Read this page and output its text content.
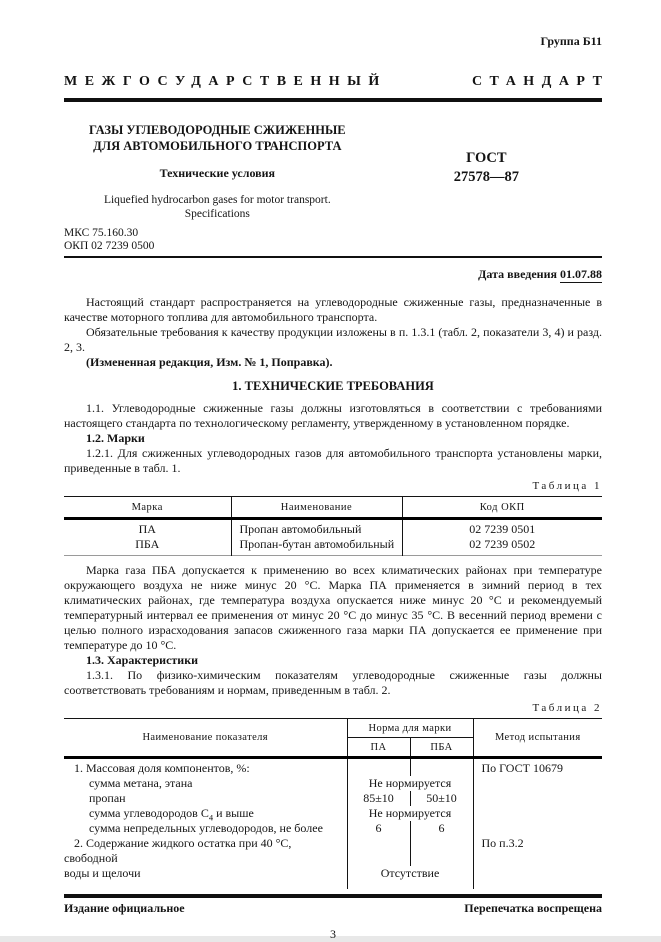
Группа Б11
МЕЖГОСУДАРСТВЕННЫЙ	СТАНДАРТ
ГАЗЫ УГЛЕВОДОРОДНЫЕ СЖИЖЕННЫЕ
ДЛЯ АВТОМОБИЛЬНОГО ТРАНСПОРТА
Технические условия
Liquefied hydrocarbon gases for motor transport.
Specifications
ГОСТ
27578—87
МКС 75.160.30
ОКП 02 7239 0500
Дата введения 01.07.88

Настоящий стандарт распространяется на углеводородные сжиженные газы, предназначенные в качестве моторного топлива для автомобильного транспорта.

Обязательные требования к качеству продукции изложены в п. 1.3.1 (табл. 2, показатели 3, 4) и разд. 2, 3.

(Измененная редакция, Изм. № 1, Поправка).

1. ТЕХНИЧЕСКИЕ ТРЕБОВАНИЯ

1.1. Углеводородные сжиженные газы должны изготовляться в соответствии с требованиями настоящего стандарта по технологическому регламенту, утвержденному в установленном порядке.

1.2. Марки

1.2.1. Для сжиженных углеводородных газов для автомобильного транспорта установлены марки, приведенные в табл. 1.

Таблица 1
Марка	Наименование	Код ОКП
ПА	Пропан автомобильный	02 7239 0501
ПБА	Пропан-бутан автомобильный	02 7239 0502

Марка газа ПБА допускается к применению во всех климатических районах при температуре окружающего воздуха не ниже минус 20 °С. Марка ПА применяется в зимний период в тех климатических районах, где температура воздуха опускается ниже минус 20 °С и рекомендуемый температурный интервал ее применения от минус 20 °С до минус 35 °С. В весенний период времени с целью полного израсходования запасов сжиженного газа марки ПА допускается ее применение при температуре до 10 °С.

1.3. Характеристики

1.3.1. По физико-химическим показателям углеводородные сжиженные газы должны соответствовать требованиям и нормам, приведенным в табл. 2.

Таблица 2
Наименование показателя	Норма для марки		Метод испытания
	ПА	ПБА	
1. Массовая доля компонентов, %:			По ГОСТ 10679
сумма метана, этана	Не нормируется		
пропан	85±10	50±10	
сумма углеводородов $С_4$ и выше	Не нормируется		
сумма непредельных углеводородов, не более	6	6	
2. Содержание жидкого остатка при 40 °С, свободной			По п.3.2
воды и щелочи	Отсутствие		
Издание официальное	Перепечатка воспрещена
3
